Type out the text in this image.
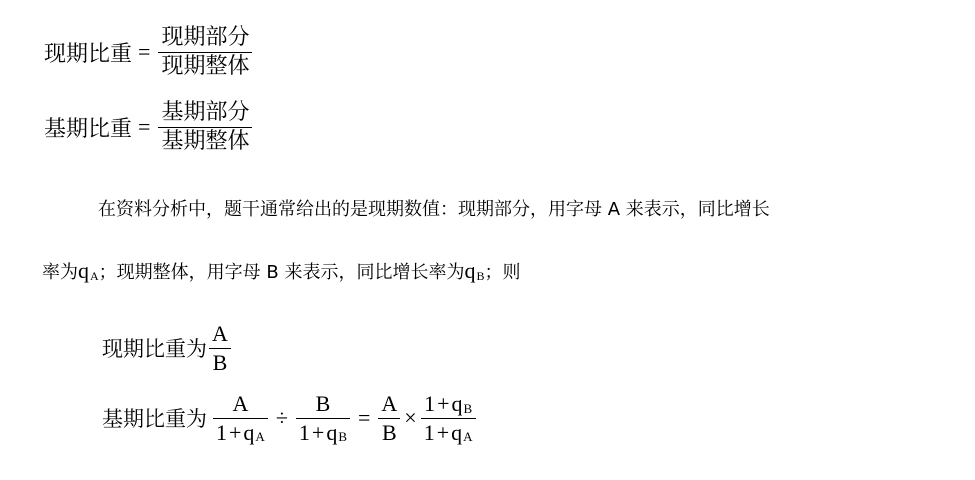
现期比重 = $\frac{\text{现期部分}}{\text{现期整体}}$
基期比重 = $\frac{\text{基期部分}}{\text{基期整体}}$
在资料分析中，题干通常给出的是现期数值：现期部分，用字母 A 来表示，同比增长
率为qA；现期整体，用字母 B 来表示，同比增长率为qB；则
现期比重为 $\frac{A}{B}$
基期比重为 $\frac{A}{\text{1 + q A}} \div \frac{B}{\text{1 + q B}} = \frac{A}{B} \times \frac{\text{1 + q B}}{\text{1 + q A}}$
